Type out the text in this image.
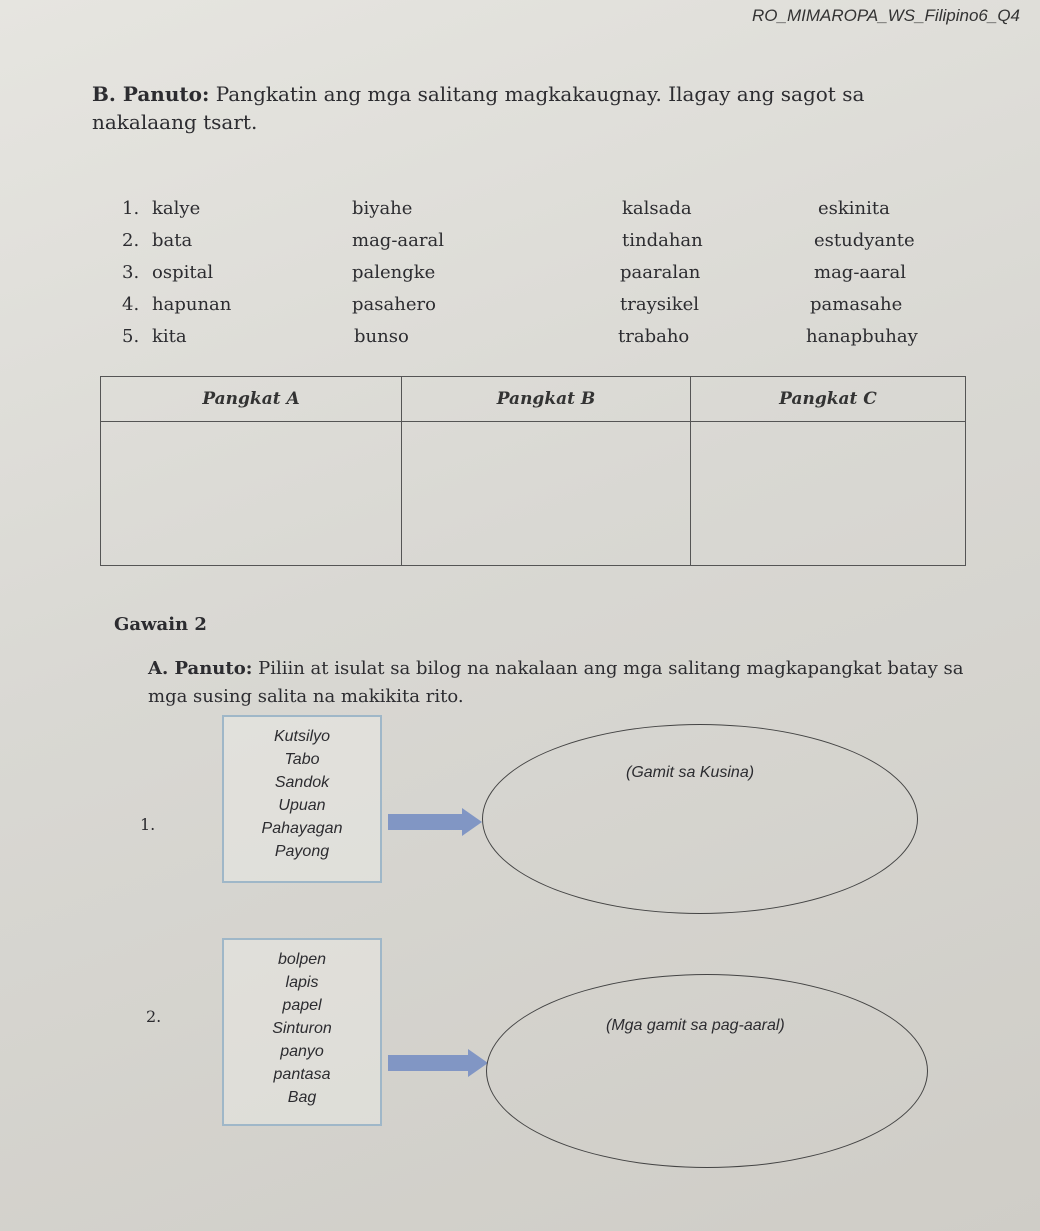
RO_MIMAROPA_WS_Filipino6_Q4
B. Panuto: Pangkatin ang mga salitang magkakaugnay. Ilagay ang sagot sa nakalaang tsart.
1. kalye	biyahe	kalsada	eskinita
2. bata	mag-aaral	tindahan	estudyante
3. ospital	palengke	paaralan	mag-aaral
4. hapunan	pasahero	traysikel	pamasahe
5. kita	bunso	trabaho	hanapbuhay
Pangkat A	Pangkat B	Pangkat C

Gawain 2
A. Panuto: Piliin at isulat sa bilog na nakalaan ang mga salitang magkapangkat batay sa mga susing salita na makikita rito.
1.
Kutsilyo
Tabo
Sandok
Upuan
Pahayagan
Payong
(Gamit sa Kusina)
2.
bolpen
lapis
papel
Sinturon
panyo
pantasa
Bag
(Mga gamit sa pag-aaral)
